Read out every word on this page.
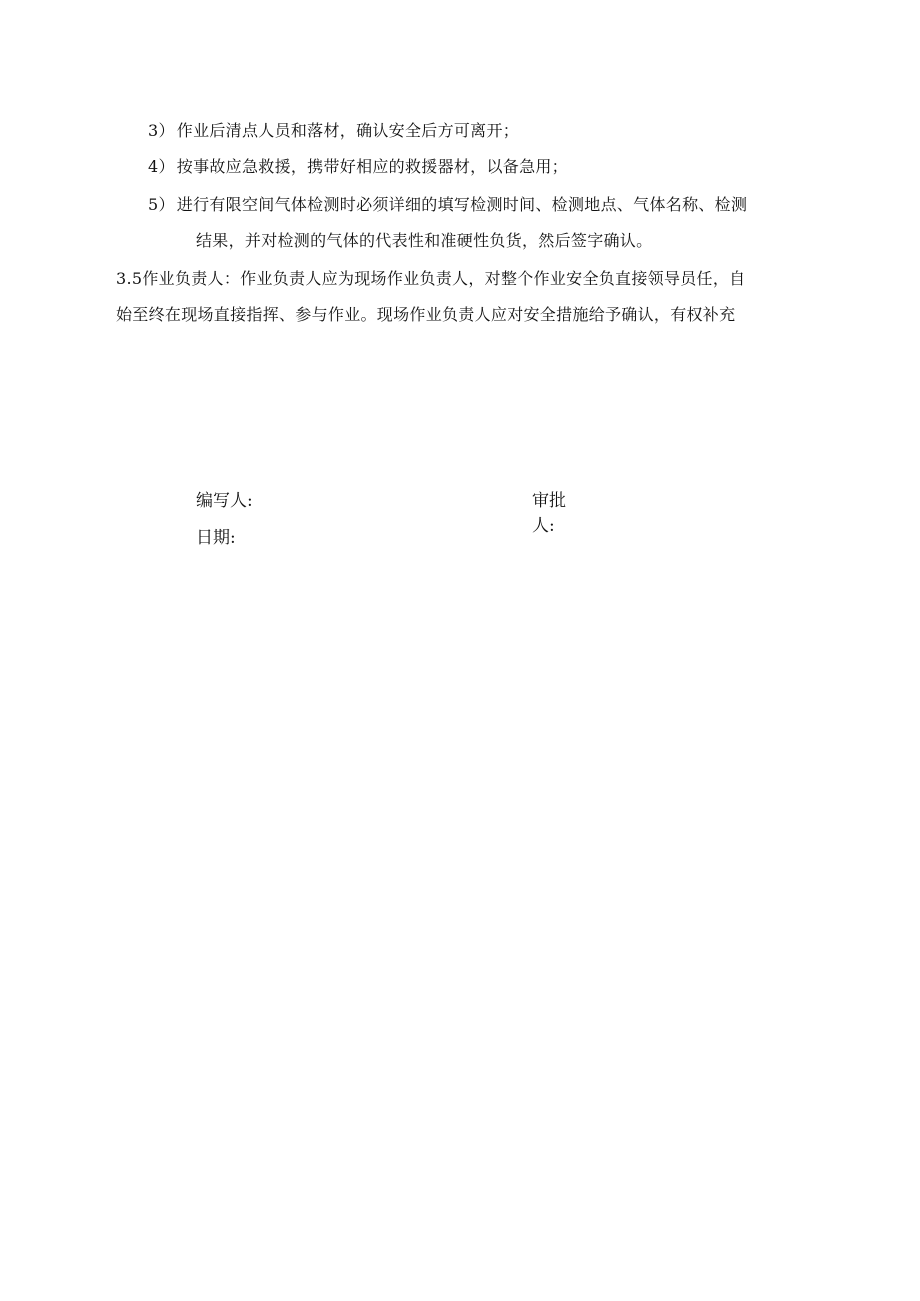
3） 作业后清点人员和落材，确认安全后方可离开；
4） 按事故应急救援，携带好相应的救援器材，以备急用；
5） 进行有限空间气体检测时必须详细的填写检测时间、检测地点、气体名称、检测
结果，并对检测的气体的代表性和准硬性负货，然后签字确认。
3.5作业负责人：作业负责人应为现场作业负责人，对整个作业安全负直接领导员任，自
始至终在现场直接指挥、参与作业。现场作业负责人应对安全措施给予确认，有权补充
编写人:
日期:
审批
人:
